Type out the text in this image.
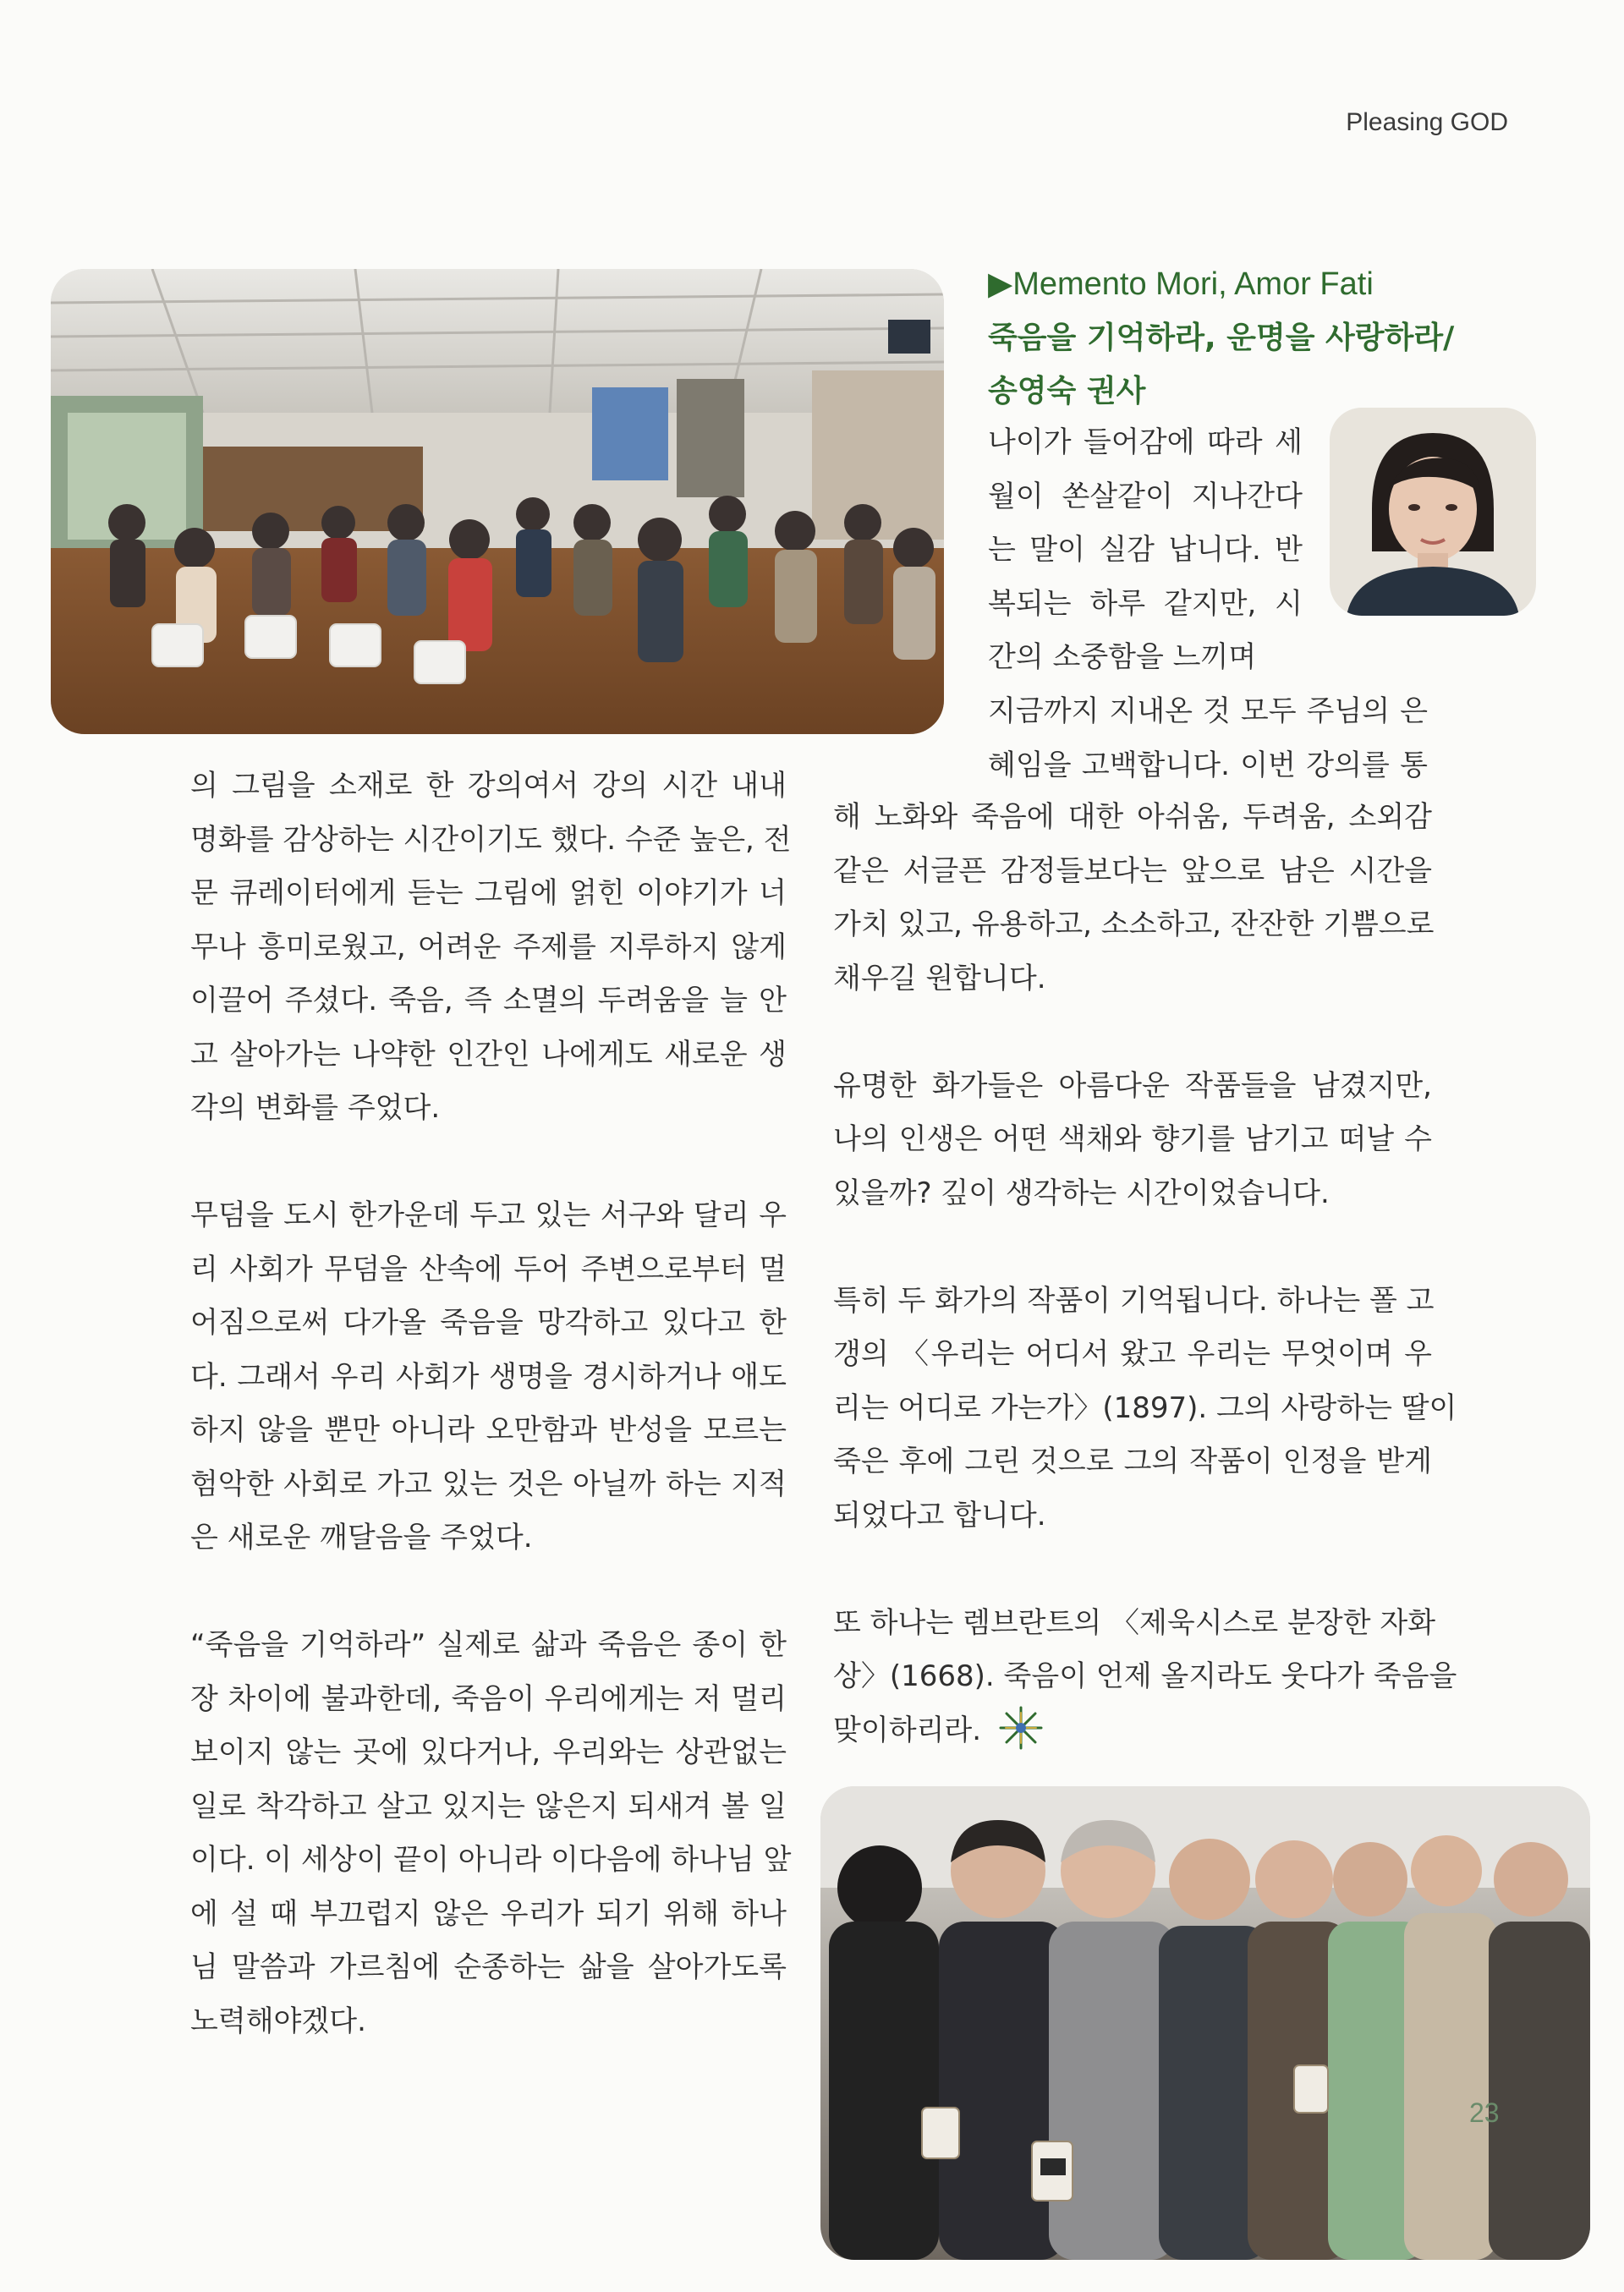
Pleasing GOD
▶Memento Mori, Amor Fati
죽음을 기억하라, 운명을 사랑하라/
송영숙 권사

나이가 들어감에 따라 세
월이 쏜살같이 지나간다
는 말이 실감 납니다. 반
복되는 하루 같지만, 시
간의 소중함을 느끼며

지금까지 지내온 것 모두 주님의 은
혜임을 고백합니다. 이번 강의를 통

해 노화와 죽음에 대한 아쉬움, 두려움, 소외감
같은 서글픈 감정들보다는 앞으로 남은 시간을
가치 있고, 유용하고, 소소하고, 잔잔한 기쁨으로
채우길 원합니다.

유명한 화가들은 아름다운 작품들을 남겼지만,
나의 인생은 어떤 색채와 향기를 남기고 떠날 수
있을까? 깊이 생각하는 시간이었습니다.

특히 두 화가의 작품이 기억됩니다. 하나는 폴 고
갱의 〈우리는 어디서 왔고 우리는 무엇이며 우
리는 어디로 가는가〉(1897). 그의 사랑하는 딸이
죽은 후에 그린 것으로 그의 작품이 인정을 받게
되었다고 합니다.

또 하나는 렘브란트의 〈제욱시스로 분장한 자화
상〉(1668). 죽음이 언제 올지라도 웃다가 죽음을
맞이하리라.

의 그림을 소재로 한 강의여서 강의 시간 내내
명화를 감상하는 시간이기도 했다. 수준 높은, 전
문 큐레이터에게 듣는 그림에 얽힌 이야기가 너
무나 흥미로웠고, 어려운 주제를 지루하지 않게
이끌어 주셨다. 죽음, 즉 소멸의 두려움을 늘 안
고 살아가는 나약한 인간인 나에게도 새로운 생
각의 변화를 주었다.

무덤을 도시 한가운데 두고 있는 서구와 달리 우
리 사회가 무덤을 산속에 두어 주변으로부터 멀
어짐으로써 다가올 죽음을 망각하고 있다고 한
다. 그래서 우리 사회가 생명을 경시하거나 애도
하지 않을 뿐만 아니라 오만함과 반성을 모르는
험악한 사회로 가고 있는 것은 아닐까 하는 지적
은 새로운 깨달음을 주었다.

“죽음을 기억하라” 실제로 삶과 죽음은 종이 한
장 차이에 불과한데, 죽음이 우리에게는 저 멀리
보이지 않는 곳에 있다거나, 우리와는 상관없는
일로 착각하고 살고 있지는 않은지 되새겨 볼 일
이다. 이 세상이 끝이 아니라 이다음에 하나님 앞
에 설 때 부끄럽지 않은 우리가 되기 위해 하나
님 말씀과 가르침에 순종하는 삶을 살아가도록
노력해야겠다.

23
